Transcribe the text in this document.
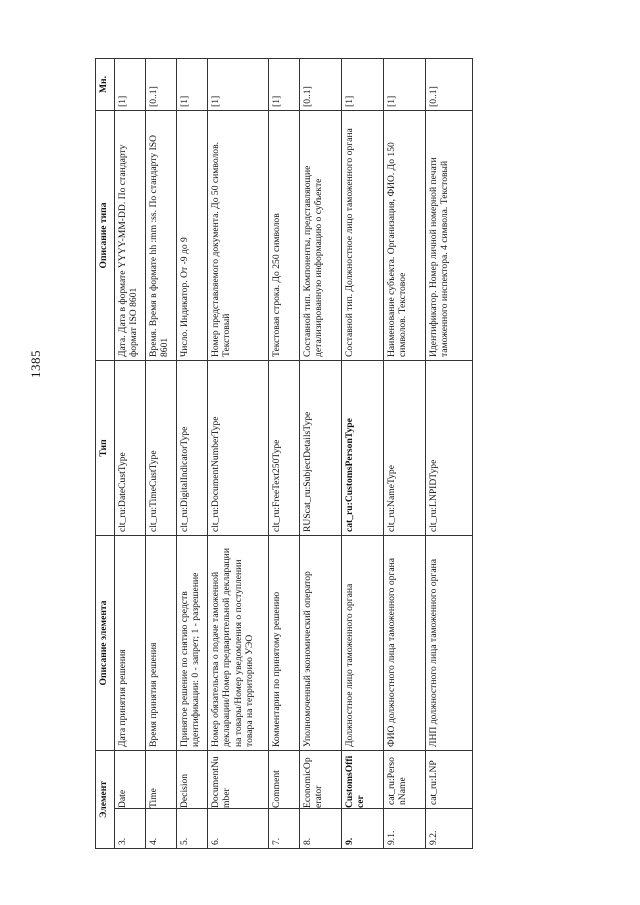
1385
Элемент		Описание элемента	Тип	Описание типа	Мн.
3.	Date	Дата принятия решения	clt_ru:DateCustType	Дата. Дата в формате YYYY-MM-DD. По стандарту формат ISO 8601	[1]
4.	Time	Время принятия решения	clt_ru:TimeCustType	Время. Время в формате hh :mm :ss. По стандарту ISO 8601	[0..1]
5.	Decision	Принятое решение по снятию средств идентификации: 0 - запрет; 1 - разрешение	clt_ru:DigitalIndicatorType	Число. Индикатор. От -9 до 9	[1]
6.	DocumentNumber	Номер обязательства о подаче таможенной декларации/Номер предварительной декларации на товары/Номер уведомления о поступлении товара на территорию УЭО	clt_ru:DocumentNumberType	Номер представляемого документа. До 50 символов. Текстовый	[1]
7.	Comment	Комментарии по принятому решению	clt_ru:FreeText250Type	Текстовая строка. До 250 символов	[1]
8.	EconomicOperator	Уполномоченный экономический оператор	RUScat_ru:SubjectDetailsType	Составной тип. Компоненты, представляющие детализированную информацию о субъекте	[0..1]
9.	CustomsOfficer	Должностное лицо таможенного органа	cat_ru:CustomsPersonType	Составной тип. Должностное лицо таможенного органа	[1]
9.1.	cat_ru:PersonName	ФИО должностного лица таможенного органа	clt_ru:NameType	Наименование субъекта. Организация, ФИО. До 150 символов. Текстовое	[1]
9.2.	cat_ru:LNP	ЛНП должностного лица таможенного органа	clt_ru:LNPIDType	Идентификатор. Номер личной номерной печати таможенного инспектора. 4 символа. Текстовый	[0..1]
